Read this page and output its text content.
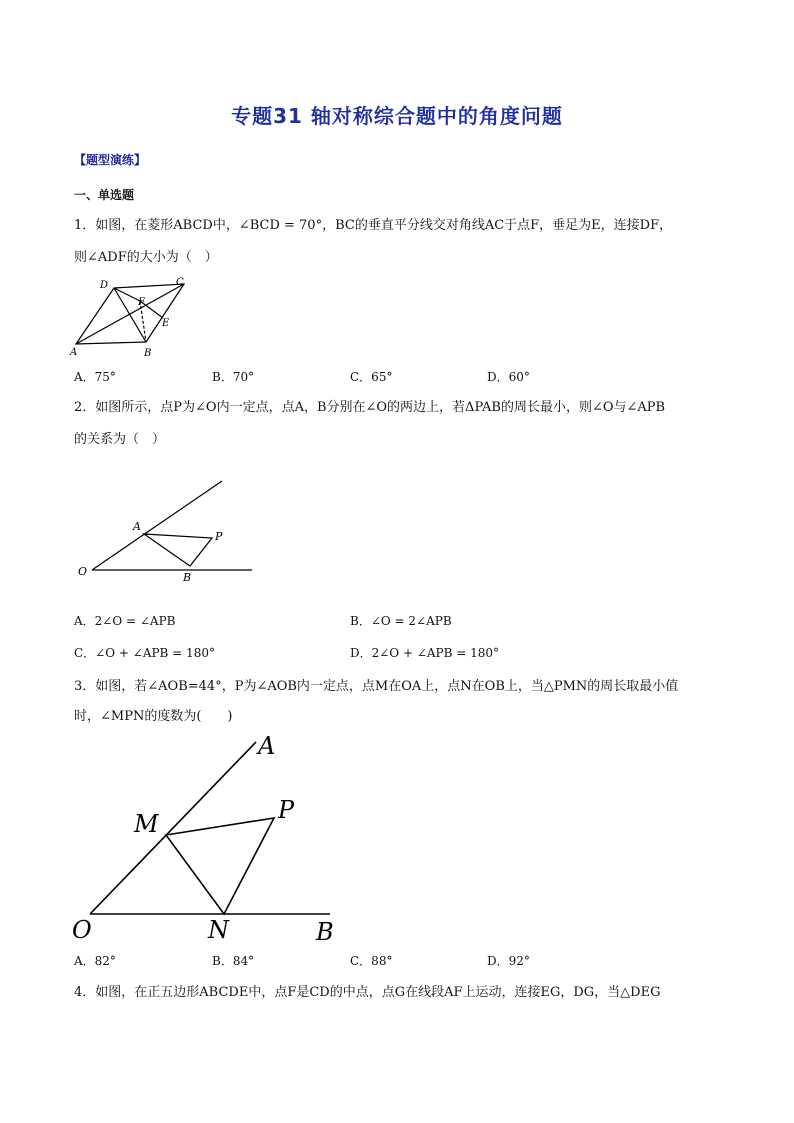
专题31 轴对称综合题中的角度问题
【题型演练】
一、单选题
1．如图，在菱形ABCD中，∠BCD = 70°，BC的垂直平分线交对角线AC于点F，垂足为E，连接DF，
则∠ADF的大小为（　）
A	B
C
D
E
F
A．75°	B．70°	C．65°	D．60°
2．如图所示，点P为∠O内一定点，点A，B分别在∠O的两边上，若ΔPAB的周长最小，则∠O与∠APB
的关系为（　）
O
A
P
B
A．2∠O = ∠APB	B．∠O = 2∠APB
C．∠O + ∠APB = 180°	D．2∠O + ∠APB = 180°
3．如图，若∠AOB=44°，P为∠AOB内一定点，点M在OA上，点N在OB上，当△PMN的周长取最小值
时，∠MPN的度数为(　　)
A
M	P
O	N	B
A．82°	B．84°	C．88°	D．92°
4．如图，在正五边形ABCDE中，点F是CD的中点，点G在线段AF上运动，连接EG，DG，当△DEG
